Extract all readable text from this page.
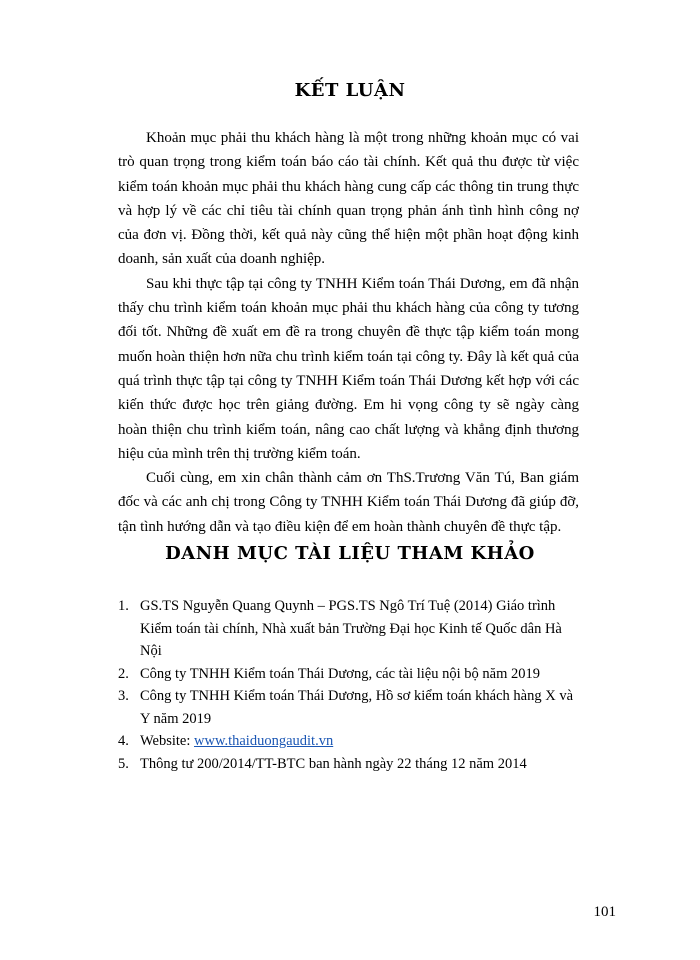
KẾT LUẬN

Khoản mục phải thu khách hàng là một trong những khoản mục có vai trò quan trọng trong kiểm toán báo cáo tài chính. Kết quả thu được từ việc kiểm toán khoản mục phải thu khách hàng cung cấp các thông tin trung thực và hợp lý về các chỉ tiêu tài chính quan trọng phản ánh tình hình công nợ của đơn vị. Đồng thời, kết quả này cũng thể hiện một phần hoạt động kinh doanh, sản xuất của doanh nghiệp.

Sau khi thực tập tại công ty TNHH Kiểm toán Thái Dương, em đã nhận thấy chu trình kiểm toán khoản mục phải thu khách hàng của công ty tương đối tốt. Những đề xuất em đề ra trong chuyên đề thực tập kiểm toán mong muốn hoàn thiện hơn nữa chu trình kiểm toán tại công ty. Đây là kết quả của quá trình thực tập tại công ty TNHH Kiểm toán Thái Dương kết hợp với các kiến thức được học trên giảng đường. Em hi vọng công ty sẽ ngày càng hoàn thiện chu trình kiểm toán, nâng cao chất lượng và khẳng định thương hiệu của mình trên thị trường kiểm toán.

Cuối cùng, em xin chân thành cảm ơn ThS.Trương Văn Tú, Ban giám đốc và các anh chị trong Công ty TNHH Kiểm toán Thái Dương đã giúp đỡ, tận tình hướng dẫn và tạo điều kiện để em hoàn thành chuyên đề thực tập.

DANH MỤC TÀI LIỆU THAM KHẢO
1. GS.TS Nguyễn Quang Quynh – PGS.TS Ngô Trí Tuệ (2014) Giáo trình Kiểm toán tài chính, Nhà xuất bản Trường Đại học Kinh tế Quốc dân Hà Nội
2. Công ty TNHH Kiểm toán Thái Dương, các tài liệu nội bộ năm 2019
3. Công ty TNHH Kiểm toán Thái Dương, Hồ sơ kiểm toán khách hàng X và Y năm 2019
4. Website: www.thaiduongaudit.vn
5. Thông tư 200/2014/TT-BTC ban hành ngày 22 tháng 12 năm 2014
101
